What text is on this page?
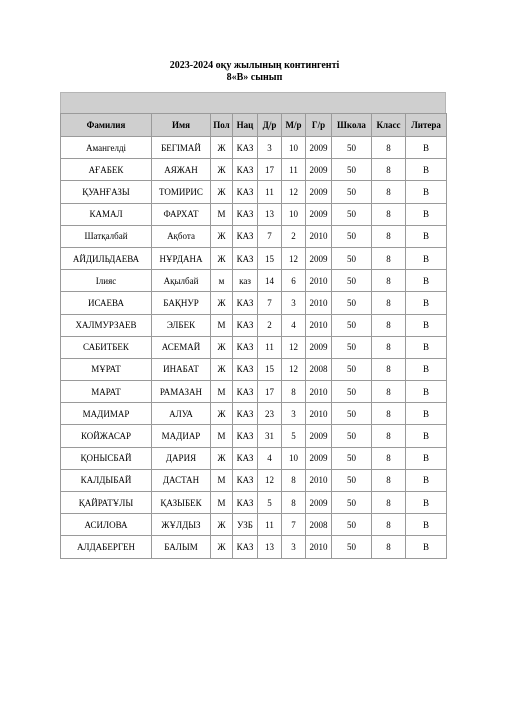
2023-2024 оқу жылының контингенті
8«В» сынып
Фамилия	Имя	Пол	Нац	Д/р	М/р	Г/р	Школа	Класс	Литера
Амангелді	БЕГІМАЙ	Ж	КАЗ	3	10	2009	50	8	В
АҒАБЕК	АЯЖАН	Ж	КАЗ	17	11	2009	50	8	В
ҚУАНҒАЗЫ	ТОМИРИС	Ж	КАЗ	11	12	2009	50	8	В
КАМАЛ	ФАРХАТ	М	КАЗ	13	10	2009	50	8	В
Шатқалбай	Ақбота	Ж	КАЗ	7	2	2010	50	8	В
АЙДИЛЬДАЕВА	НҰРДАНА	Ж	КАЗ	15	12	2009	50	8	В
Ілияс	Ақылбай	м	каз	14	6	2010	50	8	В
ИСАЕВА	БАҚНУР	Ж	КАЗ	7	3	2010	50	8	В
ХАЛМУРЗАЕВ	ЭЛБЕК	М	КАЗ	2	4	2010	50	8	В
САБИТБЕК	АСЕМАЙ	Ж	КАЗ	11	12	2009	50	8	В
МҰРАТ	ИНАБАТ	Ж	КАЗ	15	12	2008	50	8	В
МАРАТ	РАМАЗАН	М	КАЗ	17	8	2010	50	8	В
МАДИМАР	АЛУА	Ж	КАЗ	23	3	2010	50	8	В
КОЙЖАСАР	МАДИАР	М	КАЗ	31	5	2009	50	8	В
ҚОНЫСБАЙ	ДАРИЯ	Ж	КАЗ	4	10	2009	50	8	В
КАЛДЫБАЙ	ДАСТАН	М	КАЗ	12	8	2010	50	8	В
ҚАЙРАТҰЛЫ	ҚАЗЫБЕК	М	КАЗ	5	8	2009	50	8	В
АСИЛОВА	ЖҰЛДЫЗ	Ж	УЗБ	11	7	2008	50	8	В
АЛДАБЕРГЕН	БАЛЫМ	Ж	КАЗ	13	3	2010	50	8	В
